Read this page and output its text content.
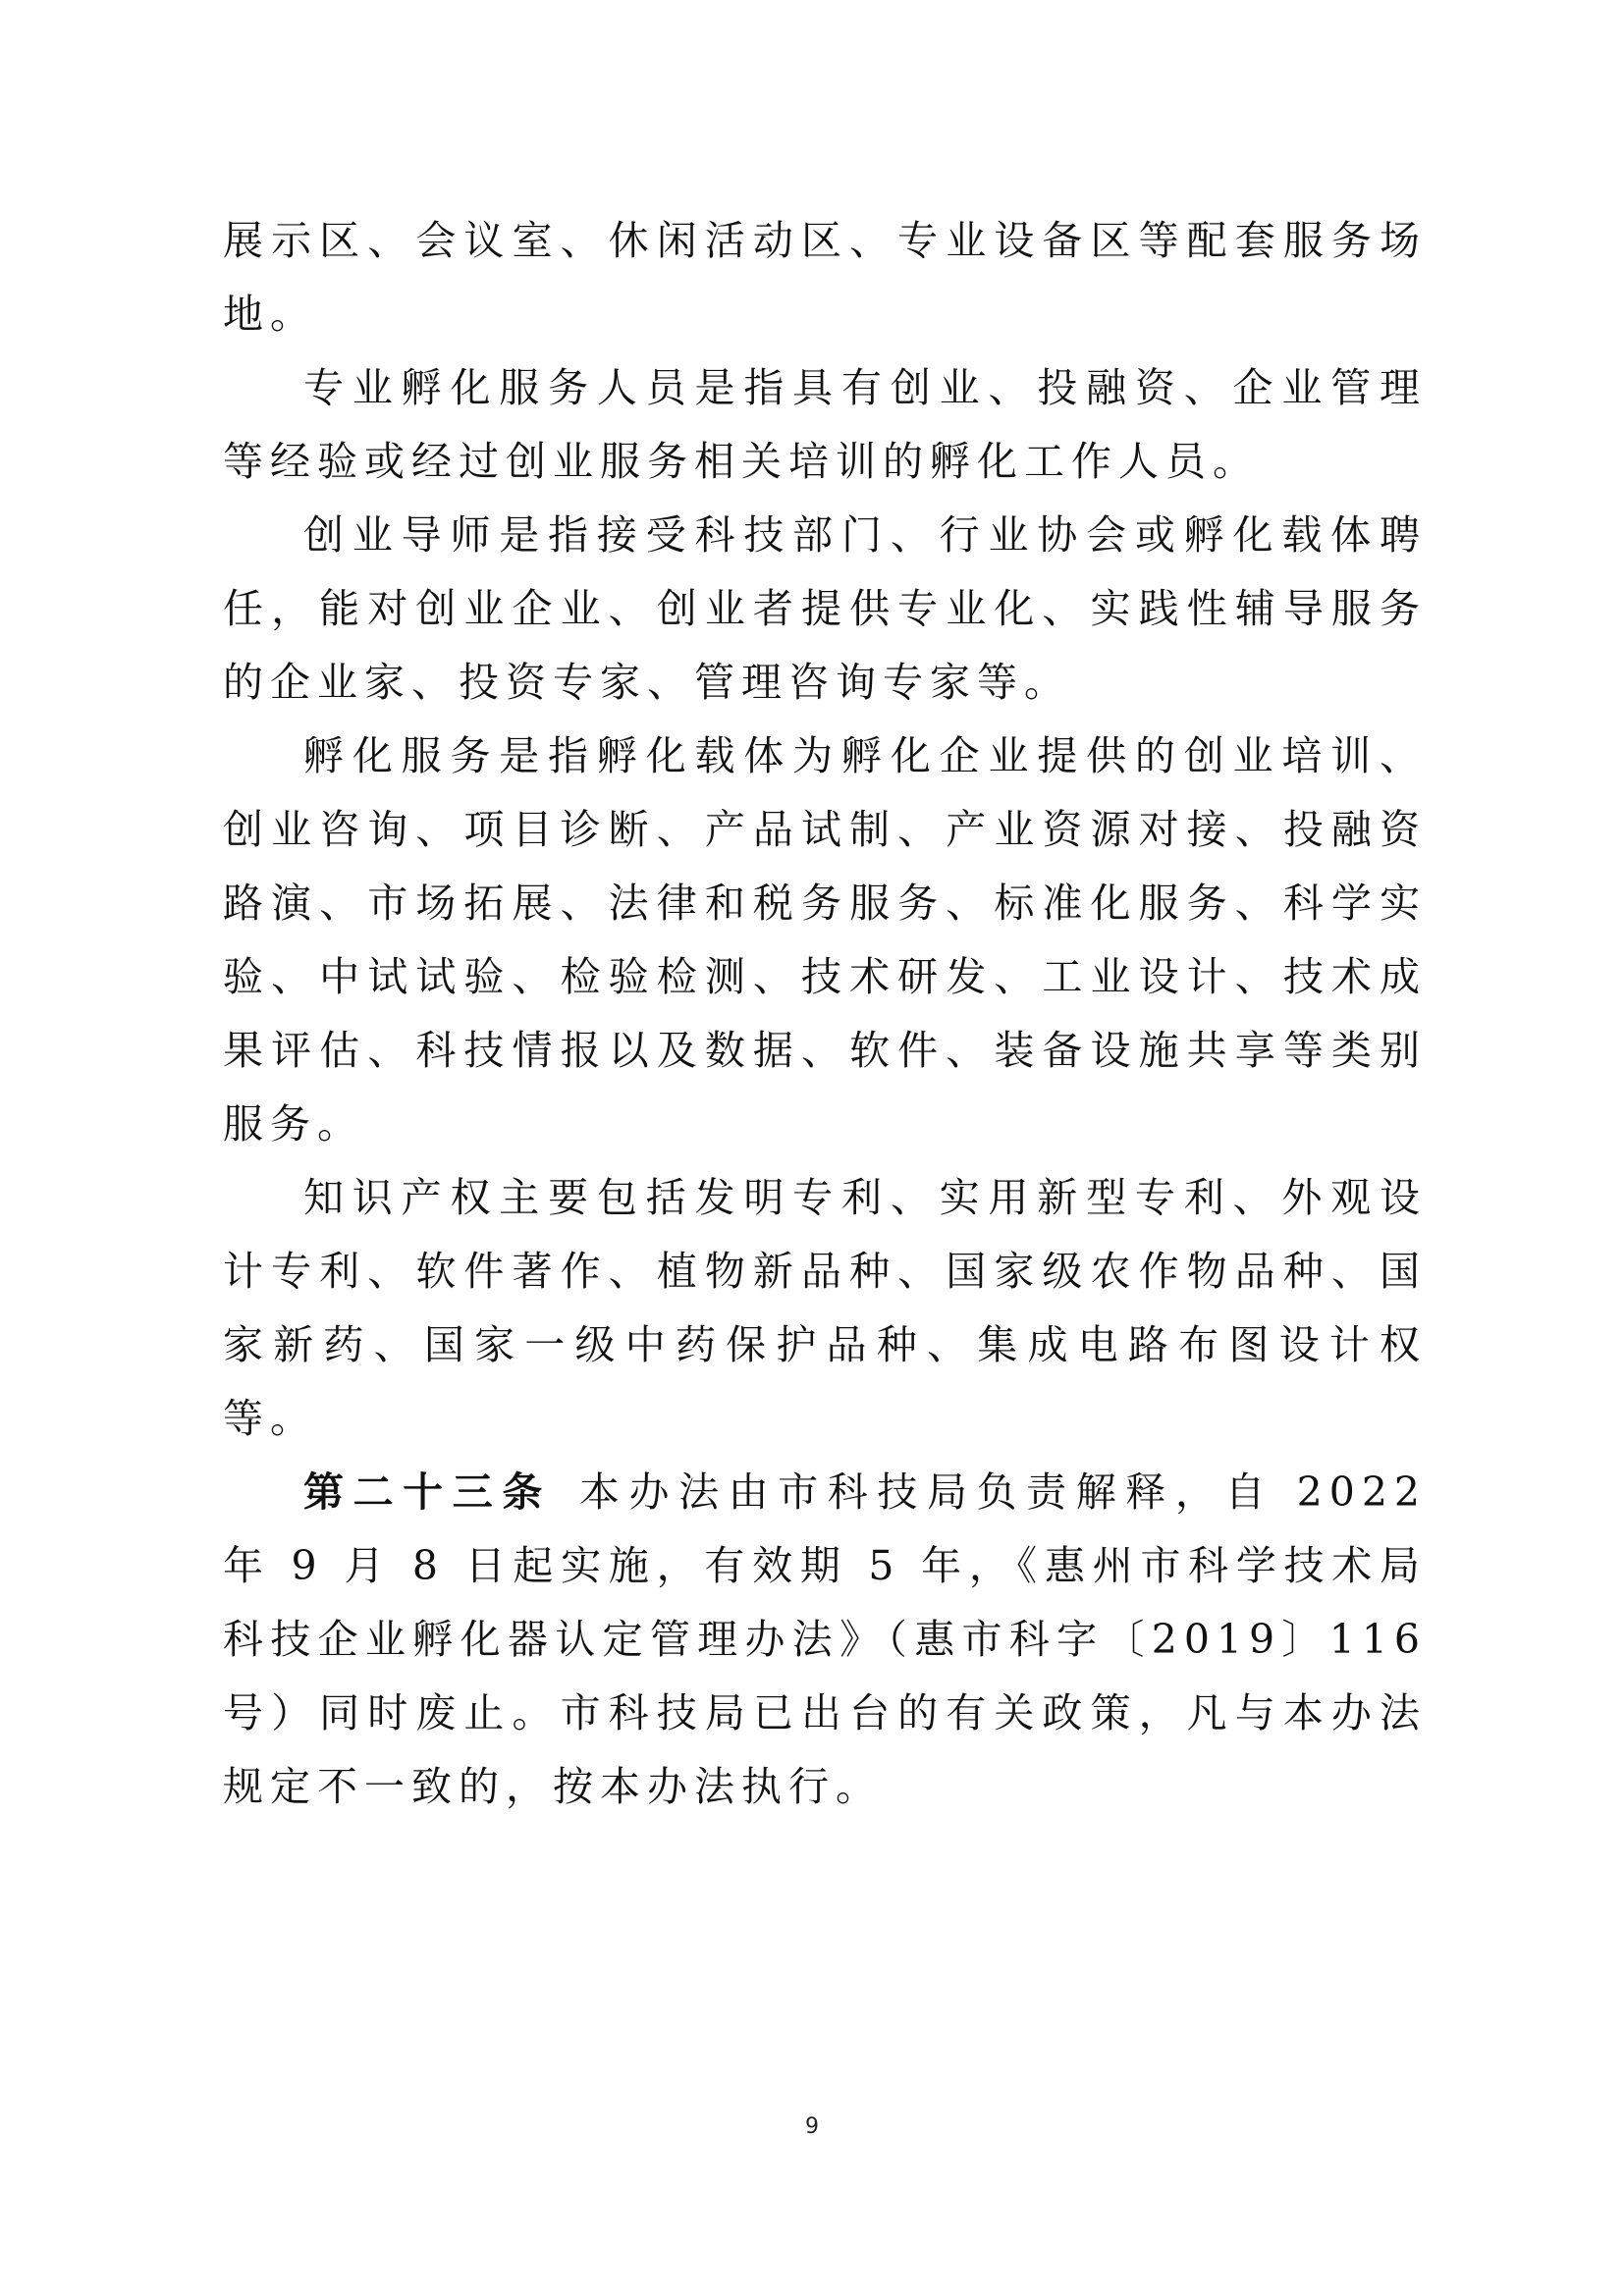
展示区、会议室、休闲活动区、专业设备区等配套服务场地。

专业孵化服务人员是指具有创业、投融资、企业管理等经验或经过创业服务相关培训的孵化工作人员。

创业导师是指接受科技部门、行业协会或孵化载体聘任，能对创业企业、创业者提供专业化、实践性辅导服务的企业家、投资专家、管理咨询专家等。

孵化服务是指孵化载体为孵化企业提供的创业培训、创业咨询、项目诊断、产品试制、产业资源对接、投融资路演、市场拓展、法律和税务服务、标准化服务、科学实验、中试试验、检验检测、技术研发、工业设计、技术成果评估、科技情报以及数据、软件、装备设施共享等类别服务。

知识产权主要包括发明专利、实用新型专利、外观设计专利、软件著作、植物新品种、国家级农作物品种、国家新药、国家一级中药保护品种、集成电路布图设计权等。

第二十三条 本办法由市科技局负责解释，自 2022 年 9 月 8 日起实施，有效期 5 年，《惠州市科学技术局科技企业孵化器认定管理办法》（惠市科字〔2019〕116 号）同时废止。市科技局已出台的有关政策，凡与本办法规定不一致的，按本办法执行。

9
